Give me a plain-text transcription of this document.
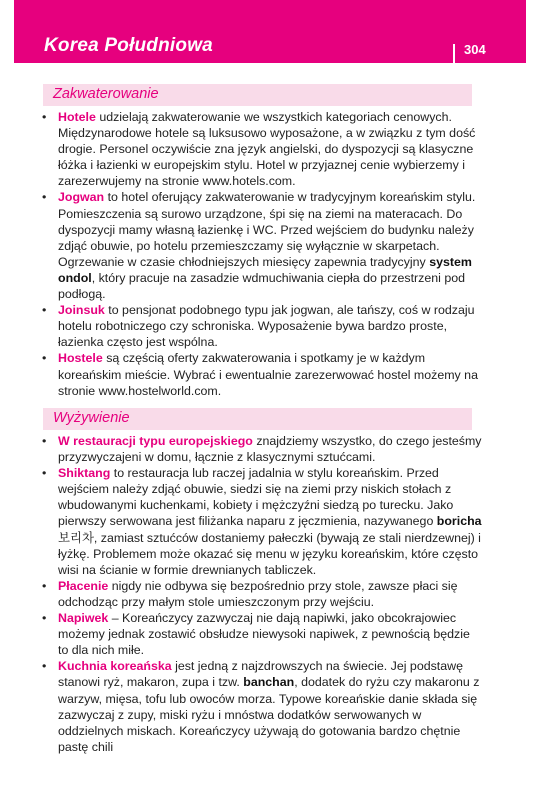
Korea Południowa	304
Zakwaterowanie
• Hotele udzielają zakwaterowanie we wszystkich kategoriach cenowych. Międzynarodowe hotele są luksusowo wyposażone, a w związku z tym dość drogie. Personel oczywiście zna język angielski, do dyspozycji są klasyczne łóżka i łazienki w europejskim stylu. Hotel w przyjaznej cenie wybierzemy i zarezerwujemy na stronie www.hotels.com.
• Jogwan to hotel oferujący zakwaterowanie w tradycyjnym koreańskim stylu. Pomieszczenia są surowo urządzone, śpi się na ziemi na materacach. Do dyspozycji mamy własną łazienkę i WC. Przed wejściem do budynku należy zdjąć obuwie, po hotelu przemieszczamy się wyłącznie w skarpetach. Ogrzewanie w czasie chłodniejszych miesięcy zapewnia tradycyjny system ondol, który pracuje na zasadzie wdmuchiwania ciepła do przestrzeni pod podłogą.
• Joinsuk to pensjonat podobnego typu jak jogwan, ale tańszy, coś w rodzaju hotelu robotniczego czy schroniska. Wyposażenie bywa bardzo proste, łazienka często jest wspólna.
• Hostele są częścią oferty zakwaterowania i spotkamy je w każdym koreańskim mieście. Wybrać i ewentualnie zarezerwować hostel możemy na stronie www.hostelworld.com.
Wyżywienie
• W restauracji typu europejskiego znajdziemy wszystko, do czego jesteśmy przyzwyczajeni w domu, łącznie z klasycznymi sztućcami.
• Shiktang to restauracja lub raczej jadalnia w stylu koreańskim. Przed wejściem należy zdjąć obuwie, siedzi się na ziemi przy niskich stołach z wbudowanymi kuchenkami, kobiety i mężczyźni siedzą po turecku. Jako pierwszy serwowana jest filiżanka naparu z jęczmienia, nazywanego boricha 보리차, zamiast sztućców dostaniemy pałeczki (bywają ze stali nierdzewnej) i łyżkę. Problemem może okazać się menu w języku koreańskim, które często wisi na ścianie w formie drewnianych tabliczek.
• Płacenie nigdy nie odbywa się bezpośrednio przy stole, zawsze płaci się odchodząc przy małym stole umieszczonym przy wejściu.
• Napiwek – Koreańczycy zazwyczaj nie dają napiwki, jako obcokrajowiec możemy jednak zostawić obsłudze niewysoki napiwek, z pewnością będzie to dla nich miłe.
• Kuchnia koreańska jest jedną z najzdrowszych na świecie. Jej podstawę stanowi ryż, makaron, zupa i tzw. banchan, dodatek do ryżu czy makaronu z warzyw, mięsa, tofu lub owoców morza. Typowe koreańskie danie składa się zazwyczaj z zupy, miski ryżu i mnóstwa dodatków serwowanych w oddzielnych miskach. Koreańczycy używają do gotowania bardzo chętnie pastę chili
